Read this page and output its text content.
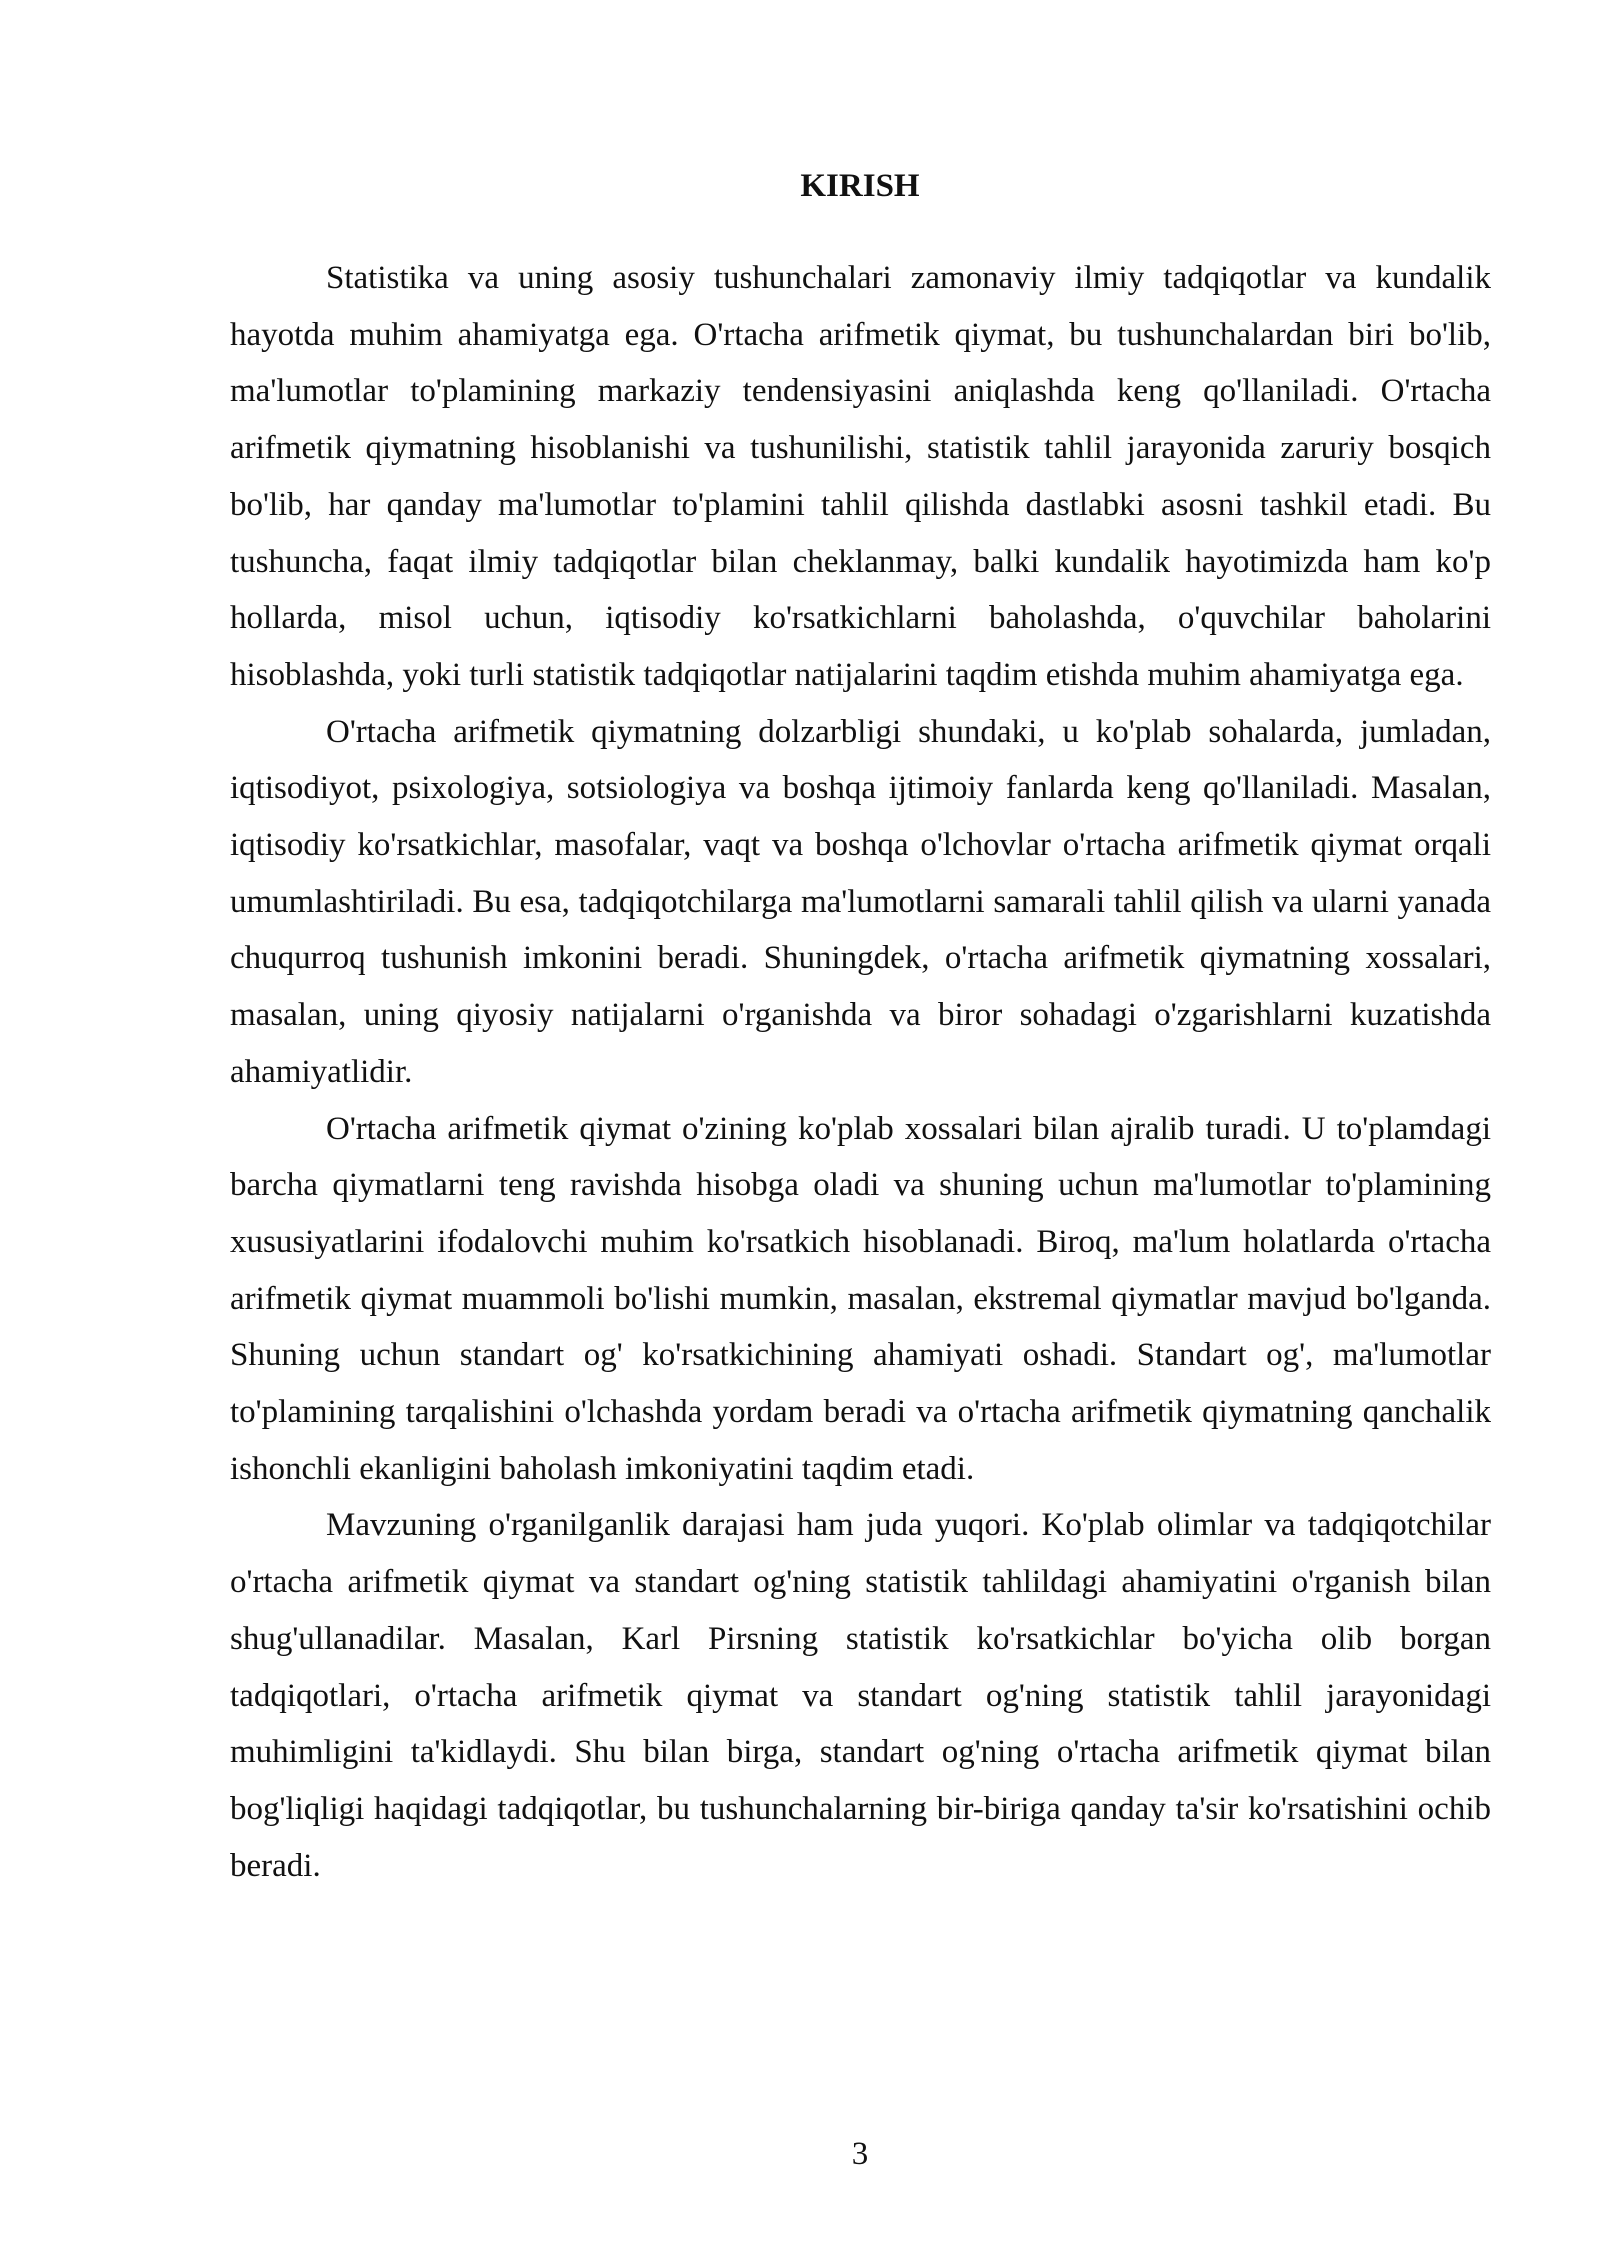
KIRISH

Statistika va uning asosiy tushunchalari zamonaviy ilmiy tadqiqotlar va kundalik hayotda muhim ahamiyatga ega. O'rtacha arifmetik qiymat, bu tushunchalardan biri bo'lib, ma'lumotlar to'plamining markaziy tendensiyasini aniqlashda keng qo'llaniladi. O'rtacha arifmetik qiymatning hisoblanishi va tushunilishi, statistik tahlil jarayonida zaruriy bosqich bo'lib, har qanday ma'lumotlar to'plamini tahlil qilishda dastlabki asosni tashkil etadi. Bu tushuncha, faqat ilmiy tadqiqotlar bilan cheklanmay, balki kundalik hayotimizda ham ko'p hollarda, misol uchun, iqtisodiy ko'rsatkichlarni baholashda, o'quvchilar baholarini hisoblashda, yoki turli statistik tadqiqotlar natijalarini taqdim etishda muhim ahamiyatga ega.

O'rtacha arifmetik qiymatning dolzarbligi shundaki, u ko'plab sohalarda, jumladan, iqtisodiyot, psixologiya, sotsiologiya va boshqa ijtimoiy fanlarda keng qo'llaniladi. Masalan, iqtisodiy ko'rsatkichlar, masofalar, vaqt va boshqa o'lchovlar o'rtacha arifmetik qiymat orqali umumlashtiriladi. Bu esa, tadqiqotchilarga ma'lumotlarni samarali tahlil qilish va ularni yanada chuqurroq tushunish imkonini beradi. Shuningdek, o'rtacha arifmetik qiymatning xossalari, masalan, uning qiyosiy natijalarni o'rganishda va biror sohadagi o'zgarishlarni kuzatishda ahamiyatlidir.

O'rtacha arifmetik qiymat o'zining ko'plab xossalari bilan ajralib turadi. U to'plamdagi barcha qiymatlarni teng ravishda hisobga oladi va shuning uchun ma'lumotlar to'plamining xususiyatlarini ifodalovchi muhim ko'rsatkich hisoblanadi. Biroq, ma'lum holatlarda o'rtacha arifmetik qiymat muammoli bo'lishi mumkin, masalan, ekstremal qiymatlar mavjud bo'lganda. Shuning uchun standart og' ko'rsatkichining ahamiyati oshadi. Standart og', ma'lumotlar to'plamining tarqalishini o'lchashda yordam beradi va o'rtacha arifmetik qiymatning qanchalik ishonchli ekanligini baholash imkoniyatini taqdim etadi.

Mavzuning o'rganilganlik darajasi ham juda yuqori. Ko'plab olimlar va tadqiqotchilar o'rtacha arifmetik qiymat va standart og'ning statistik tahlildagi ahamiyatini o'rganish bilan shug'ullanadilar. Masalan, Karl Pirsning statistik ko'rsatkichlar bo'yicha olib borgan tadqiqotlari, o'rtacha arifmetik qiymat va standart og'ning statistik tahlil jarayonidagi muhimligini ta'kidlaydi. Shu bilan birga, standart og'ning o'rtacha arifmetik qiymat bilan bog'liqligi haqidagi tadqiqotlar, bu tushunchalarning bir-biriga qanday ta'sir ko'rsatishini ochib beradi.

3
